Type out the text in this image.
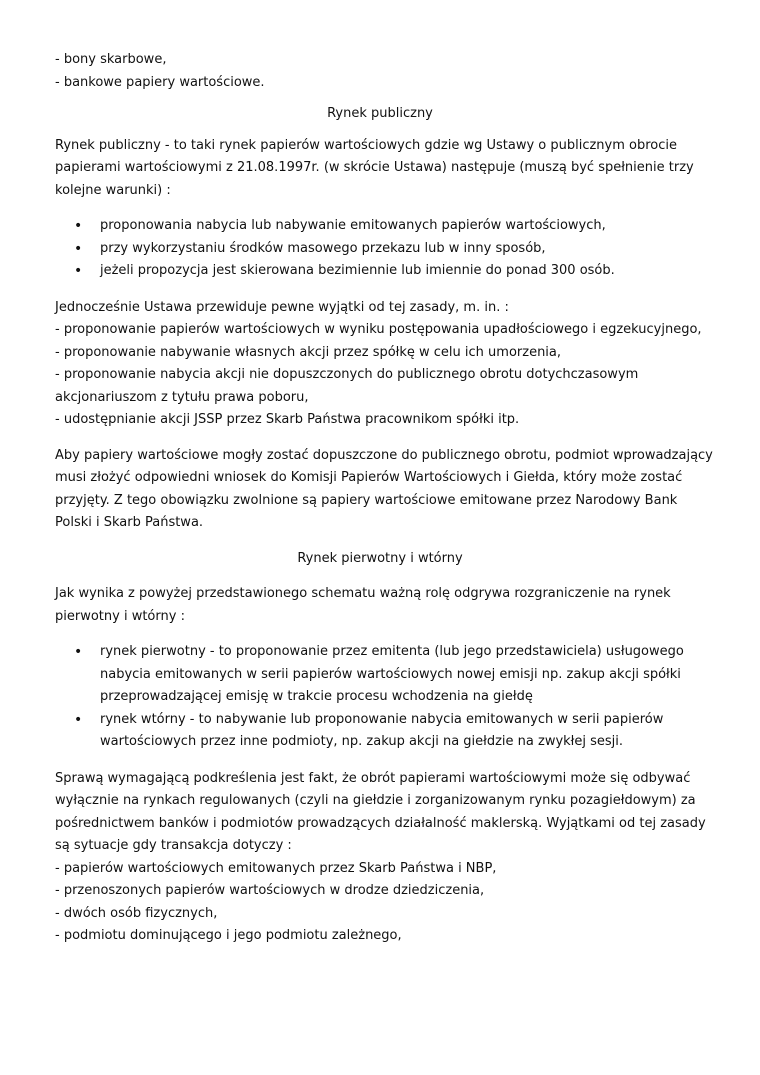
- bony skarbowe,
- bankowe papiery wartościowe.
Rynek publiczny
Rynek publiczny - to taki rynek papierów wartościowych gdzie wg Ustawy o publicznym obrocie
papierami wartościowymi z 21.08.1997r. (w skrócie Ustawa) następuje (muszą być spełnienie trzy
kolejne warunki) :
• proponowania nabycia lub nabywanie emitowanych papierów wartościowych,
• przy wykorzystaniu środków masowego przekazu lub w inny sposób,
• jeżeli propozycja jest skierowana bezimiennie lub imiennie do ponad 300 osób.
Jednocześnie Ustawa przewiduje pewne wyjątki od tej zasady, m. in. :
- proponowanie papierów wartościowych w wyniku postępowania upadłościowego i egzekucyjnego,
- proponowanie nabywanie własnych akcji przez spółkę w celu ich umorzenia,
- proponowanie nabycia akcji nie dopuszczonych do publicznego obrotu dotychczasowym
akcjonariuszom z tytułu prawa poboru,
- udostępnianie akcji JSSP przez Skarb Państwa pracownikom spółki itp.
Aby papiery wartościowe mogły zostać dopuszczone do publicznego obrotu, podmiot wprowadzający
musi złożyć odpowiedni wniosek do Komisji Papierów Wartościowych i Giełda, który może zostać
przyjęty. Z tego obowiązku zwolnione są papiery wartościowe emitowane przez Narodowy Bank
Polski i Skarb Państwa.
Rynek pierwotny i wtórny
Jak wynika z powyżej przedstawionego schematu ważną rolę odgrywa rozgraniczenie na rynek
pierwotny i wtórny :
• rynek pierwotny - to proponowanie przez emitenta (lub jego przedstawiciela) usługowego
nabycia emitowanych w serii papierów wartościowych nowej emisji np. zakup akcji spółki
przeprowadzającej emisję w trakcie procesu wchodzenia na giełdę
• rynek wtórny - to nabywanie lub proponowanie nabycia emitowanych w serii papierów
wartościowych przez inne podmioty, np. zakup akcji na giełdzie na zwykłej sesji.
Sprawą wymagającą podkreślenia jest fakt, że obrót papierami wartościowymi może się odbywać
wyłącznie na rynkach regulowanych (czyli na giełdzie i zorganizowanym rynku pozagiełdowym) za
pośrednictwem banków i podmiotów prowadzących działalność maklerską. Wyjątkami od tej zasady
są sytuacje gdy transakcja dotyczy :
- papierów wartościowych emitowanych przez Skarb Państwa i NBP,
- przenoszonych papierów wartościowych w drodze dziedziczenia,
- dwóch osób fizycznych,
- podmiotu dominującego i jego podmiotu zależnego,
